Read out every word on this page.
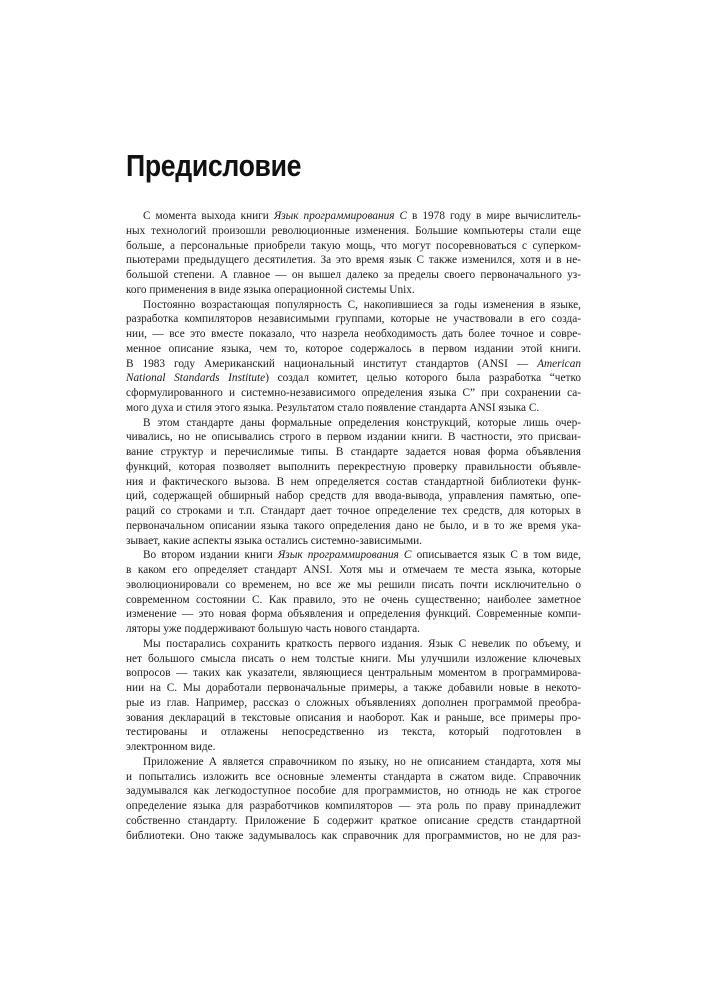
Предисловие
С момента выхода книги Язык программирования С в 1978 году в мире вычислитель-
ных технологий произошли революционные изменения. Большие компьютеры стали еще
больше, а персональные приобрели такую мощь, что могут посоревноваться с суперком-
пьютерами предыдущего десятилетия. За это время язык С также изменился, хотя и в не-
большой степени. А главное — он вышел далеко за пределы своего первоначального уз-
кого применения в виде языка операционной системы Unix.
Постоянно возрастающая популярность С, накопившиеся за годы изменения в языке,
разработка компиляторов независимыми группами, которые не участвовали в его созда-
нии, — все это вместе показало, что назрела необходимость дать более точное и совре-
менное описание языка, чем то, которое содержалось в первом издании этой книги.
В 1983 году Американский национальный институт стандартов (ANSI — American
National Standards Institute) создал комитет, целью которого была разработка “четко
сформулированного и системно-независимого определения языка С” при сохранении са-
мого духа и стиля этого языка. Результатом стало появление стандарта ANSI языка С.
В этом стандарте даны формальные определения конструкций, которые лишь очер-
чивались, но не описывались строго в первом издании книги. В частности, это присваи-
вание структур и перечислимые типы. В стандарте задается новая форма объявления
функций, которая позволяет выполнить перекрестную проверку правильности объявле-
ния и фактического вызова. В нем определяется состав стандартной библиотеки функ-
ций, содержащей обширный набор средств для ввода-вывода, управления памятью, опе-
раций со строками и т.п. Стандарт дает точное определение тех средств, для которых в
первоначальном описании языка такого определения дано не было, и в то же время ука-
зывает, какие аспекты языка остались системно-зависимыми.
Во втором издании книги Язык программирования С описывается язык С в том виде,
в каком его определяет стандарт ANSI. Хотя мы и отмечаем те места языка, которые
эволюционировали со временем, но все же мы решили писать почти исключительно о
современном состоянии С. Как правило, это не очень существенно; наиболее заметное
изменение — это новая форма объявления и определения функций. Современные компи-
ляторы уже поддерживают большую часть нового стандарта.
Мы постарались сохранить краткость первого издания. Язык С невелик по объему, и
нет большого смысла писать о нем толстые книги. Мы улучшили изложение ключевых
вопросов — таких как указатели, являющиеся центральным моментом в программирова-
нии на С. Мы доработали первоначальные примеры, а также добавили новые в некото-
рые из глав. Например, рассказ о сложных объявлениях дополнен программой преобра-
зования деклараций в текстовые описания и наоборот. Как и раньше, все примеры про-
тестированы и отлажены непосредственно из текста, который подготовлен в
электронном виде.
Приложение А является справочником по языку, но не описанием стандарта, хотя мы
и попытались изложить все основные элементы стандарта в сжатом виде. Справочник
задумывался как легкодоступное пособие для программистов, но отнюдь не как строгое
определение языка для разработчиков компиляторов — эта роль по праву принадлежит
собственно стандарту. Приложение Б содержит краткое описание средств стандартной
библиотеки. Оно также задумывалось как справочник для программистов, но не для раз-
